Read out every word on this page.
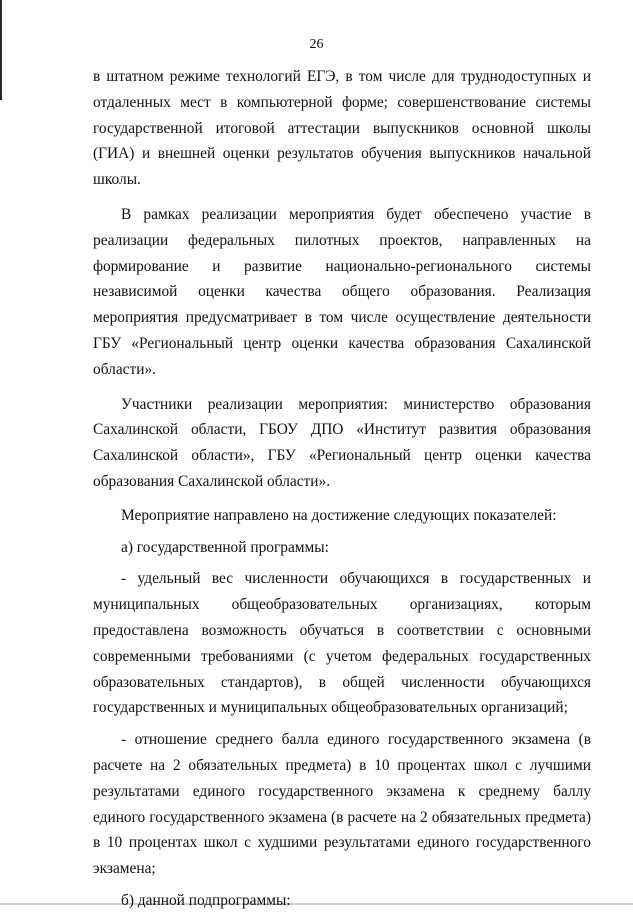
26

в штатном режиме технологий ЕГЭ, в том числе для труднодоступных и отдаленных мест в компьютерной форме; совершенствование системы государственной итоговой аттестации выпускников основной школы (ГИА) и внешней оценки результатов обучения выпускников начальной школы.

В рамках реализации мероприятия будет обеспечено участие в реализации федеральных пилотных проектов, направленных на формирование и развитие национально-регионального системы независимой оценки качества общего образования. Реализация мероприятия предусматривает в том числе осуществление деятельности ГБУ «Региональный центр оценки качества образования Сахалинской области».

Участники реализации мероприятия: министерство образования Сахалинской области, ГБОУ ДПО «Институт развития образования Сахалинской области», ГБУ «Региональный центр оценки качества образования Сахалинской области».

Мероприятие направлено на достижение следующих показателей:

а) государственной программы:

- удельный вес численности обучающихся в государственных и муниципальных общеобразовательных организациях, которым предоставлена возможность обучаться в соответствии с основными современными требованиями (с учетом федеральных государственных образовательных стандартов), в общей численности обучающихся государственных и муниципальных общеобразовательных организаций;

- отношение среднего балла единого государственного экзамена (в расчете на 2 обязательных предмета) в 10 процентах школ с лучшими результатами единого государственного экзамена к среднему баллу единого государственного экзамена (в расчете на 2 обязательных предмета) в 10 процентах школ с худшими результатами единого государственного экзамена;

б) данной подпрограммы:
